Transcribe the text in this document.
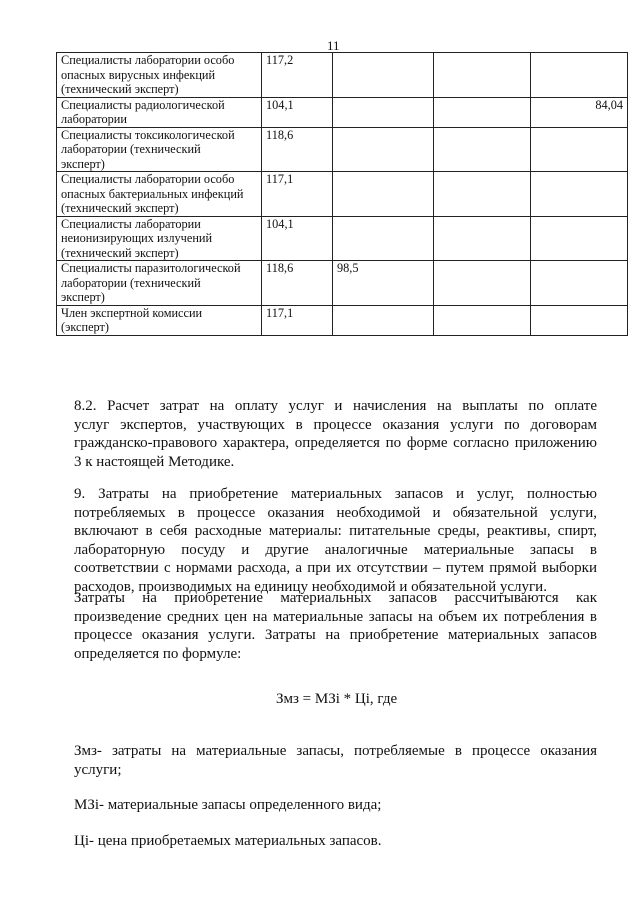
11
Специалисты лаборатории особо
опасных вирусных инфекций
(технический эксперт)	117,2			
Специалисты радиологической
лаборатории	104,1			84,04
Специалисты токсикологической
лаборатории (технический
эксперт)	118,6			
Специалисты лаборатории особо
опасных бактериальных инфекций
(технический эксперт)	117,1			
Специалисты лаборатории
неионизирующих излучений
(технический эксперт)	104,1			
Специалисты паразитологической
лаборатории (технический
эксперт)	118,6	98,5		
Член экспертной комиссии
(эксперт)	117,1			
8.2. Расчет затрат на оплату услуг и начисления на выплаты по оплате
услуг экспертов, участвующих в процессе оказания услуги по договорам
гражданско-правового характера, определяется по форме согласно приложению
3 к настоящей Методике.
9. Затраты на приобретение материальных запасов и услуг, полностью
потребляемых в процессе оказания необходимой и обязательной услуги,
включают в себя расходные материалы: питательные среды, реактивы, спирт,
лабораторную посуду и другие аналогичные материальные запасы в
соответствии с нормами расхода, а при их отсутствии – путем прямой выборки
расходов, производимых на единицу необходимой и обязательной услуги.
Затраты на приобретение материальных запасов рассчитываются как
произведение средних цен на материальные запасы на объем их потребления в
процессе оказания услуги. Затраты на приобретение материальных запасов
определяется по формуле:
Змз = МЗi * Цi, где
Змз- затраты на материальные запасы, потребляемые в процессе оказания
услуги;
МЗi- материальные запасы определенного вида;
Цi- цена приобретаемых материальных запасов.
